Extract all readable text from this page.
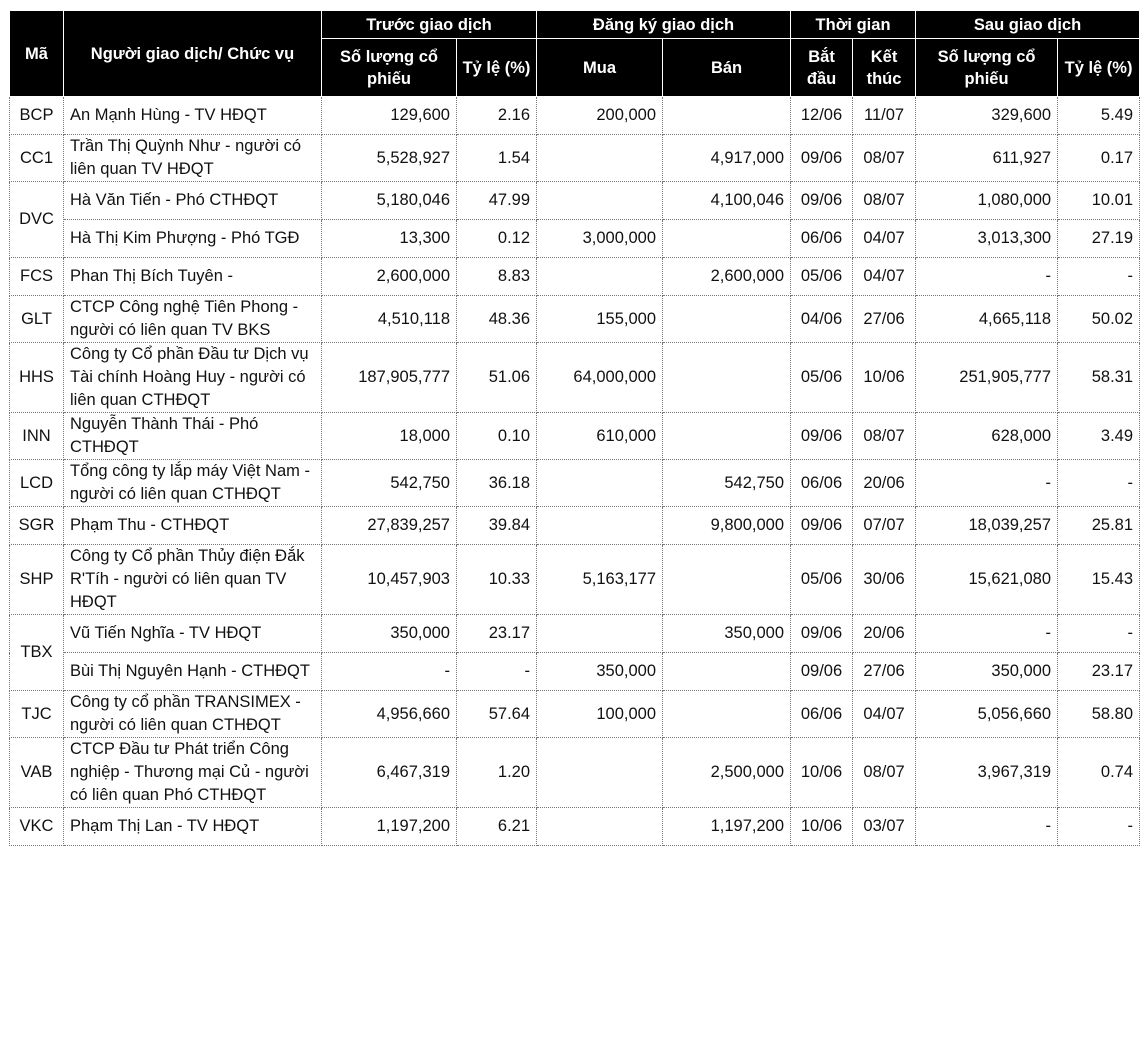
Mã	Người giao dịch/ Chức vụ	Trước giao dịch		Đăng ký giao dịch		Thời gian		Sau giao dịch	
		Số lượng cổ phiếu	Tỷ lệ (%)	Mua	Bán	Bắt đầu	Kết thúc	Số lượng cổ phiếu	Tỷ lệ (%)
BCP	An Mạnh Hùng - TV HĐQT	129,600	2.16	200,000		12/06	11/07	329,600	5.49
CC1	Trần Thị Quỳnh Như - người có liên quan TV HĐQT	5,528,927	1.54		4,917,000	09/06	08/07	611,927	0.17
DVC	Hà Văn Tiến - Phó CTHĐQT	5,180,046	47.99		4,100,046	09/06	08/07	1,080,000	10.01
	Hà Thị Kim Phượng - Phó TGĐ	13,300	0.12	3,000,000		06/06	04/07	3,013,300	27.19
FCS	Phan Thị Bích Tuyên -	2,600,000	8.83		2,600,000	05/06	04/07	-	-
GLT	CTCP Công nghệ Tiên Phong - người có liên quan TV BKS	4,510,118	48.36	155,000		04/06	27/06	4,665,118	50.02
HHS	Công ty Cổ phần Đầu tư Dịch vụ Tài chính Hoàng Huy - người có liên quan CTHĐQT	187,905,777	51.06	64,000,000		05/06	10/06	251,905,777	58.31
INN	Nguyễn Thành Thái - Phó CTHĐQT	18,000	0.10	610,000		09/06	08/07	628,000	3.49
LCD	Tổng công ty lắp máy Việt Nam - người có liên quan CTHĐQT	542,750	36.18		542,750	06/06	20/06	-	-
SGR	Phạm Thu - CTHĐQT	27,839,257	39.84		9,800,000	09/06	07/07	18,039,257	25.81
SHP	Công ty Cổ phần Thủy điện Đắk R'Tíh - người có liên quan TV HĐQT	10,457,903	10.33	5,163,177		05/06	30/06	15,621,080	15.43
TBX	Vũ Tiến Nghĩa - TV HĐQT	350,000	23.17		350,000	09/06	20/06	-	-
	Bùi Thị Nguyên Hạnh - CTHĐQT	-	-	350,000		09/06	27/06	350,000	23.17
TJC	Công ty cổ phần TRANSIMEX - người có liên quan CTHĐQT	4,956,660	57.64	100,000		06/06	04/07	5,056,660	58.80
VAB	CTCP Đầu tư Phát triển Công nghiệp - Thương mại Củ - người có liên quan Phó CTHĐQT	6,467,319	1.20		2,500,000	10/06	08/07	3,967,319	0.74
VKC	Phạm Thị Lan - TV HĐQT	1,197,200	6.21		1,197,200	10/06	03/07	-	-
